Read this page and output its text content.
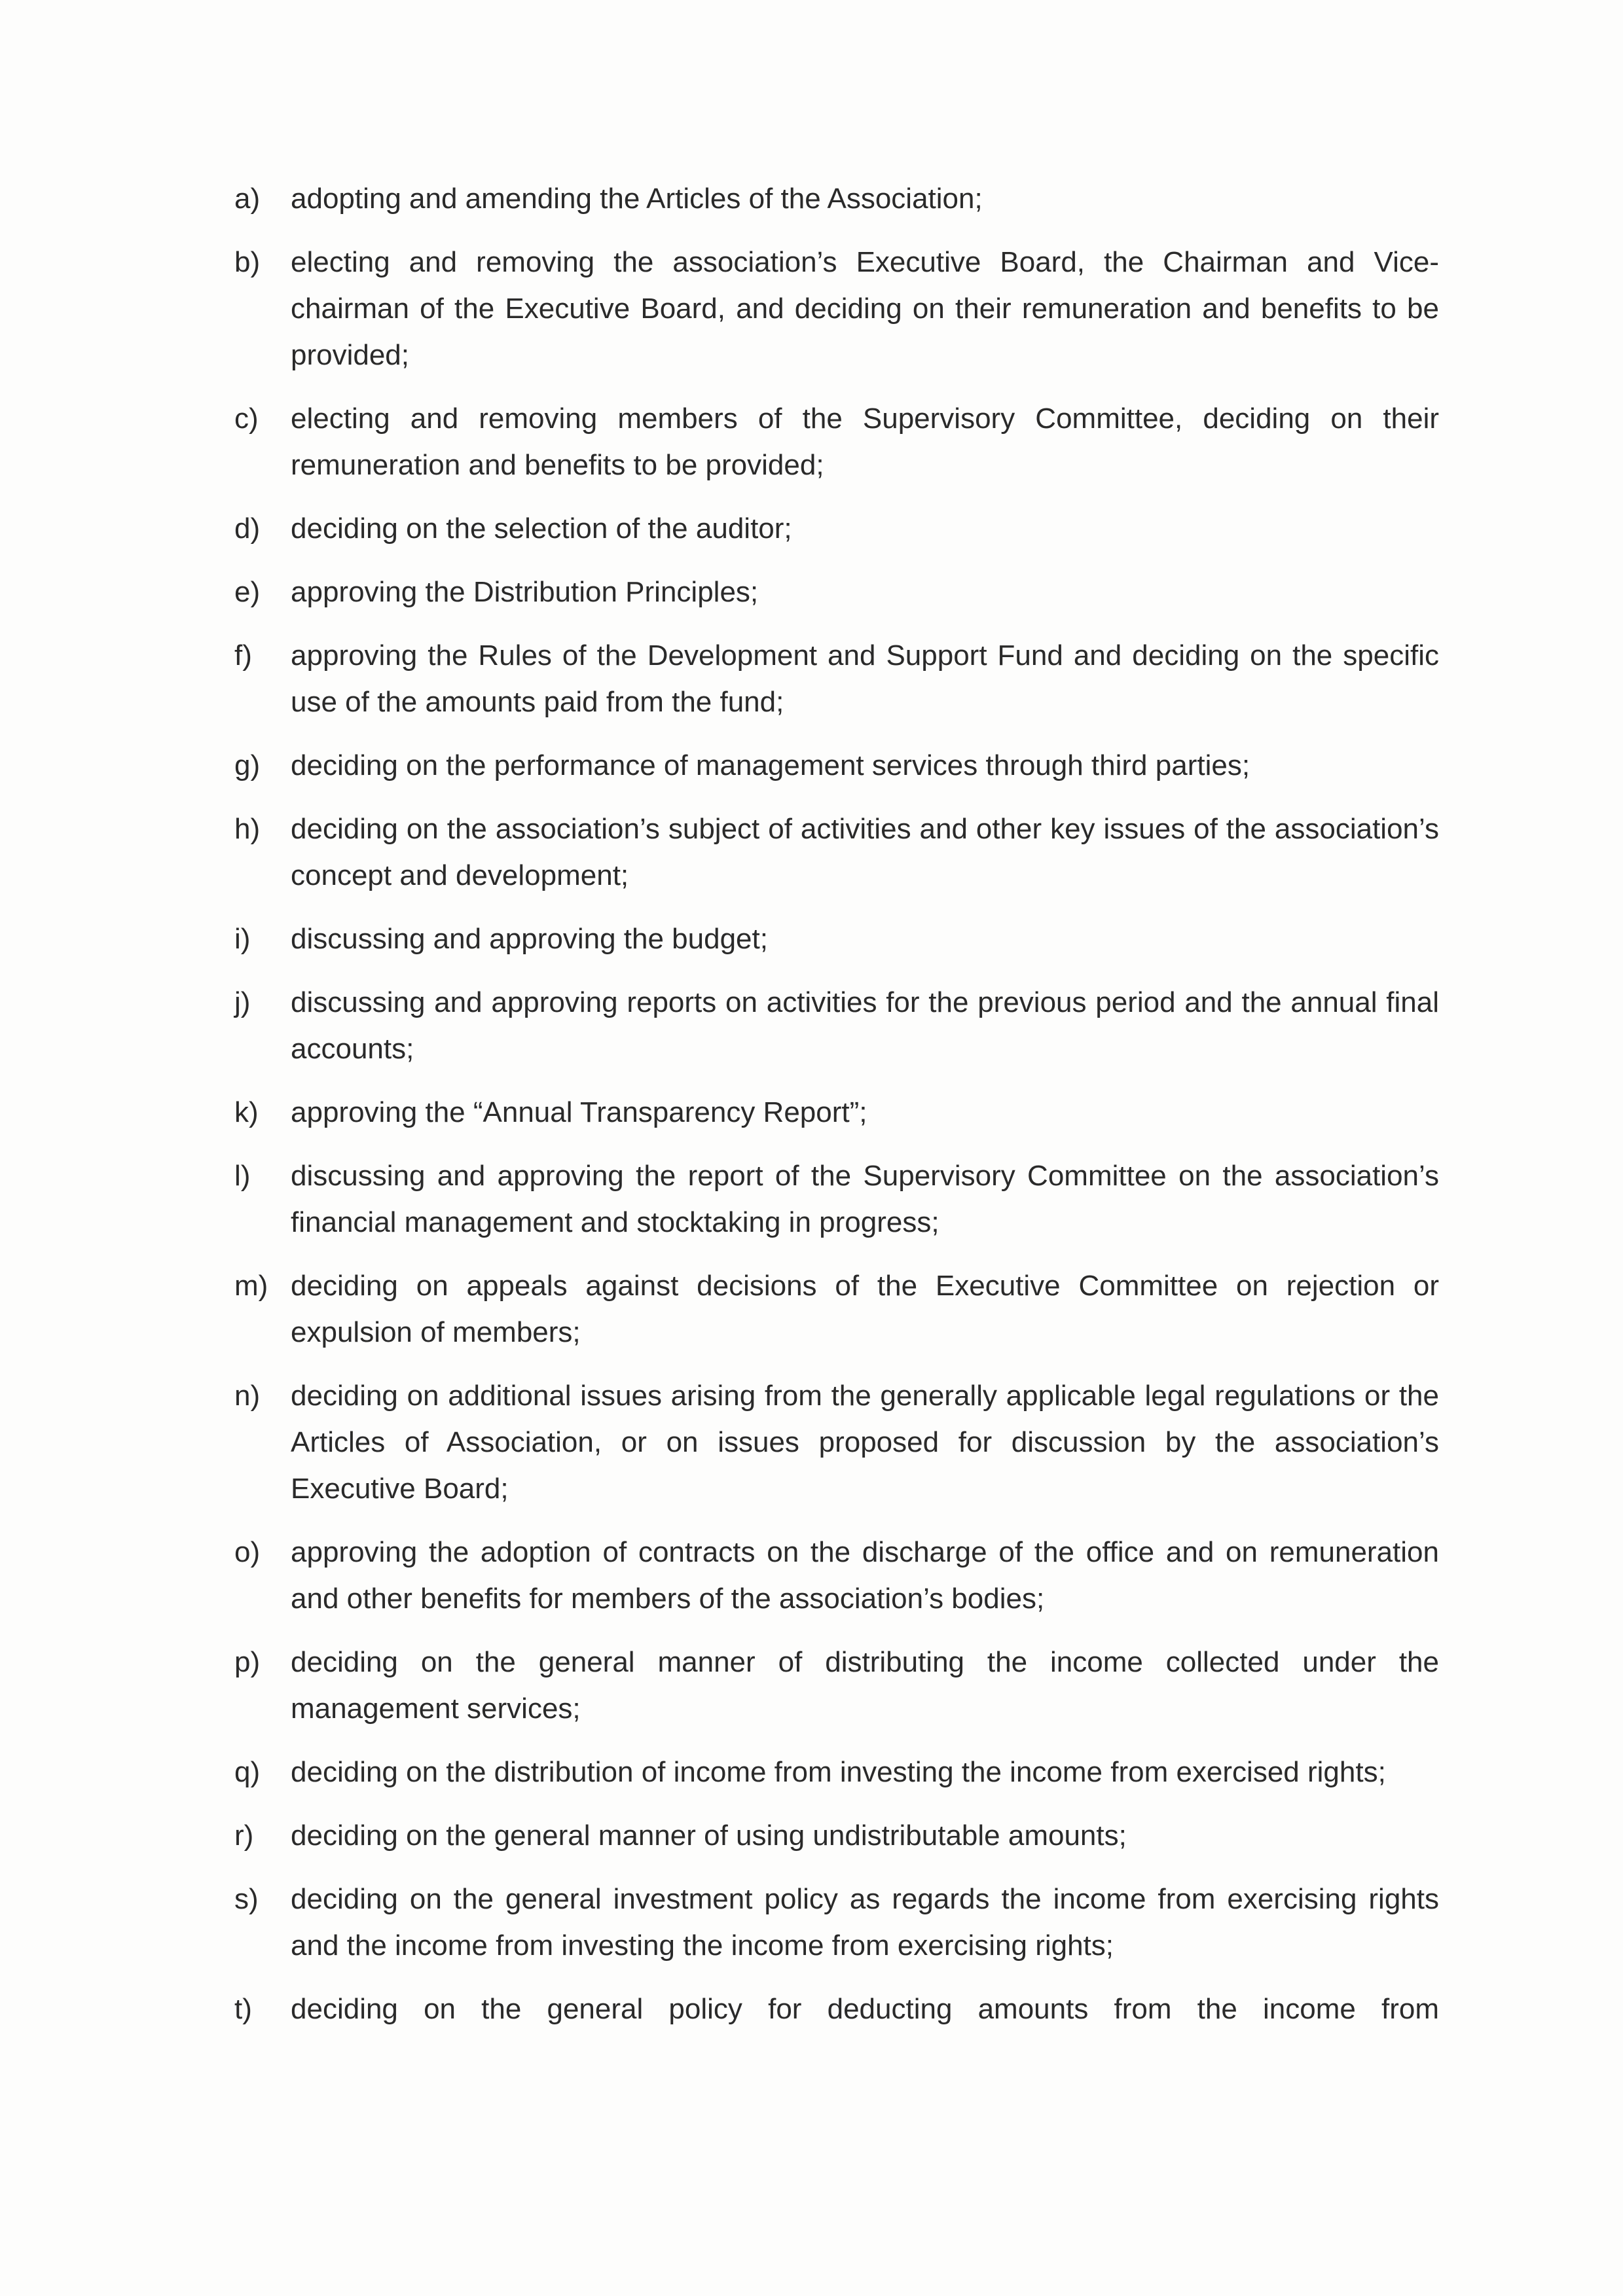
a) adopting and amending the Articles of the Association;
b) electing and removing the association’s Executive Board, the Chairman and Vice-chairman of the Executive Board, and deciding on their remuneration and benefits to be provided;
c) electing and removing members of the Supervisory Committee, deciding on their remuneration and benefits to be provided;
d) deciding on the selection of the auditor;
e) approving the Distribution Principles;
f) approving the Rules of the Development and Support Fund and deciding on the specific use of the amounts paid from the fund;
g) deciding on the performance of management services through third parties;
h) deciding on the association’s subject of activities and other key issues of the association’s concept and development;
i) discussing and approving the budget;
j) discussing and approving reports on activities for the previous period and the annual final accounts;
k) approving the “Annual Transparency Report”;
l) discussing and approving the report of the Supervisory Committee on the association’s financial management and stocktaking in progress;
m) deciding on appeals against decisions of the Executive Committee on rejection or expulsion of members;
n) deciding on additional issues arising from the generally applicable legal regulations or the Articles of Association, or on issues proposed for discussion by the association’s Executive Board;
o) approving the adoption of contracts on the discharge of the office and on remuneration and other benefits for members of the association’s bodies;
p) deciding on the general manner of distributing the income collected under the management services;
q) deciding on the distribution of income from investing the income from exercised rights;
r) deciding on the general manner of using undistributable amounts;
s) deciding on the general investment policy as regards the income from exercising rights and the income from investing the income from exercising rights;
t) deciding on the general policy for deducting amounts from the income from
